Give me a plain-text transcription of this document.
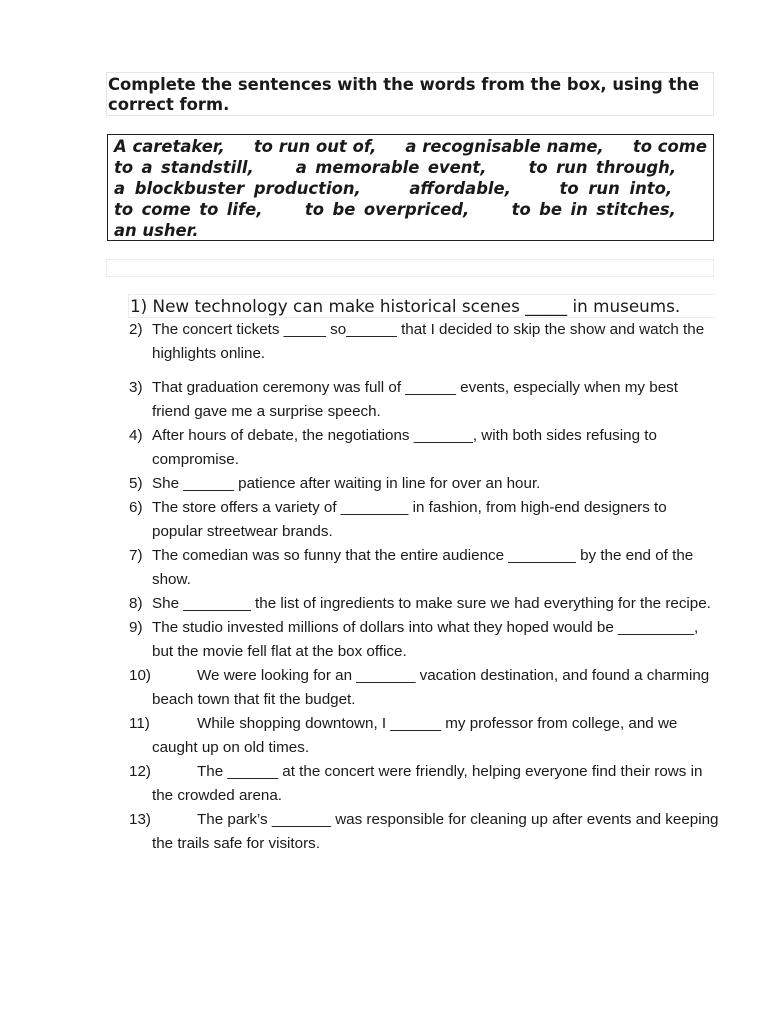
Complete the sentences with the words from the box, using the correct form.
A caretaker, to run out of, a recognisable name, to come to a standstill,	a memorable event,	to run through,     a blockbuster production,	affordable,	to run into,     to come to life,	to be overpriced,	to be in stitches,     an usher.
1) New technology can make historical scenes _____ in museums.
2) The concert tickets _____ so______ that I decided to skip the show and watch the highlights online.
3) That graduation ceremony was full of ______ events, especially when my best friend gave me a surprise speech.
4) After hours of debate, the negotiations _______, with both sides refusing to compromise.
5) She ______ patience after waiting in line for over an hour.
6) The store offers a variety of ________ in fashion, from high-end designers to popular streetwear brands.
7) The comedian was so funny that the entire audience ________ by the end of the show.
8) She ________ the list of ingredients to make sure we had everything for the recipe.
9) The studio invested millions of dollars into what they hoped would be _________, but the movie fell flat at the box office.
10)	We were looking for an _______ vacation destination, and found a charming beach town that fit the budget.
11)	While shopping downtown, I ______ my professor from college, and we caught up on old times.
12)	The ______ at the concert were friendly, helping everyone find their rows in the crowded arena.
13)	The park’s _______ was responsible for cleaning up after events and keeping the trails safe for visitors.
